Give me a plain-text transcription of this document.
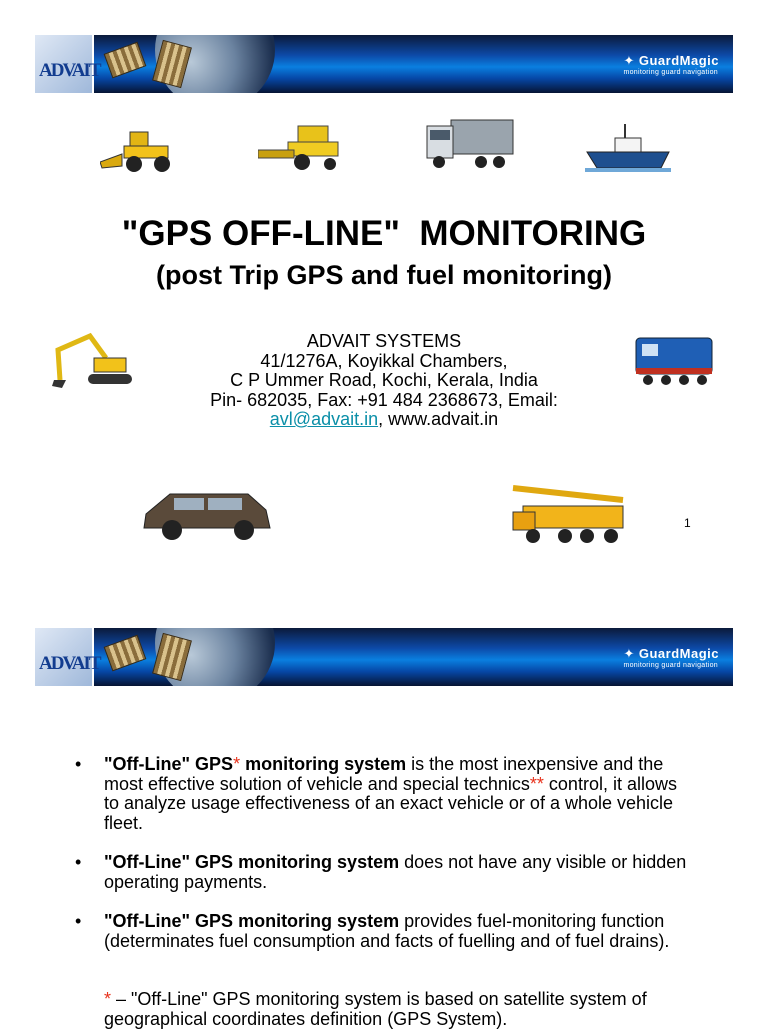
ADVAIT	✦ GuardMagic
monitoring guard navigation
"GPS OFF-LINE"  MONITORING
(post Trip GPS and fuel monitoring)
ADVAIT SYSTEMS
41/1276A, Koyikkal Chambers,
C P Ummer Road, Kochi, Kerala, India
Pin- 682035, Fax: +91 484 2368673, Email:
avl@advait.in, www.advait.in
1
ADVAIT	✦ GuardMagic
monitoring guard navigation
• "Off-Line" GPS* monitoring system is the most inexpensive and the most effective solution of vehicle and special technics** control, it allows to analyze usage effectiveness of an exact vehicle or of a whole vehicle fleet.
• "Off-Line" GPS monitoring system does not have any visible or hidden operating payments.
• "Off-Line" GPS monitoring system provides fuel-monitoring function (determinates fuel consumption and facts of fuelling and of fuel drains).
* – "Off-Line" GPS monitoring system is based on satellite system of geographical coordinates definition (GPS System).
